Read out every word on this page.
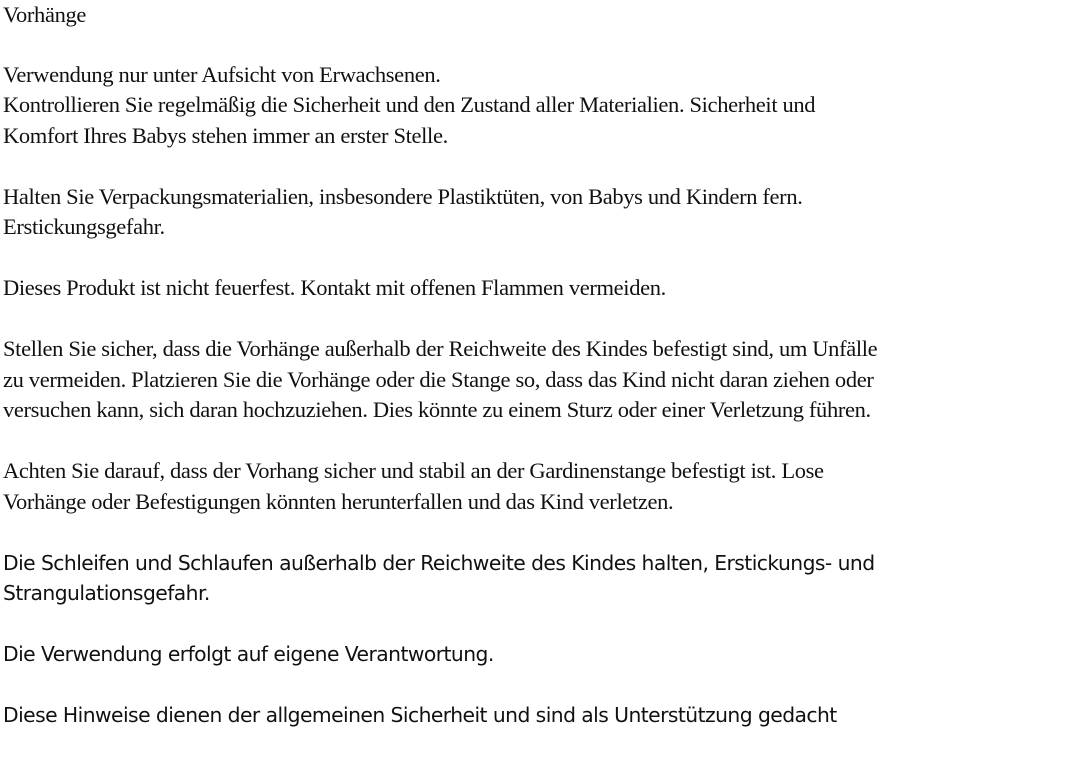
Vorhänge

Verwendung nur unter Aufsicht von Erwachsenen.
Kontrollieren Sie regelmäßig die Sicherheit und den Zustand aller Materialien. Sicherheit und
Komfort Ihres Babys stehen immer an erster Stelle.

Halten Sie Verpackungsmaterialien, insbesondere Plastiktüten, von Babys und Kindern fern.
Erstickungsgefahr.

Dieses Produkt ist nicht feuerfest. Kontakt mit offenen Flammen vermeiden.

Stellen Sie sicher, dass die Vorhänge außerhalb der Reichweite des Kindes befestigt sind, um Unfälle
zu vermeiden. Platzieren Sie die Vorhänge oder die Stange so, dass das Kind nicht daran ziehen oder
versuchen kann, sich daran hochzuziehen. Dies könnte zu einem Sturz oder einer Verletzung führen.

Achten Sie darauf, dass der Vorhang sicher und stabil an der Gardinenstange befestigt ist. Lose
Vorhänge oder Befestigungen könnten herunterfallen und das Kind verletzen.

Die Schleifen und Schlaufen außerhalb der Reichweite des Kindes halten, Erstickungs- und
Strangulationsgefahr.

Die Verwendung erfolgt auf eigene Verantwortung.

Diese Hinweise dienen der allgemeinen Sicherheit und sind als Unterstützung gedacht
